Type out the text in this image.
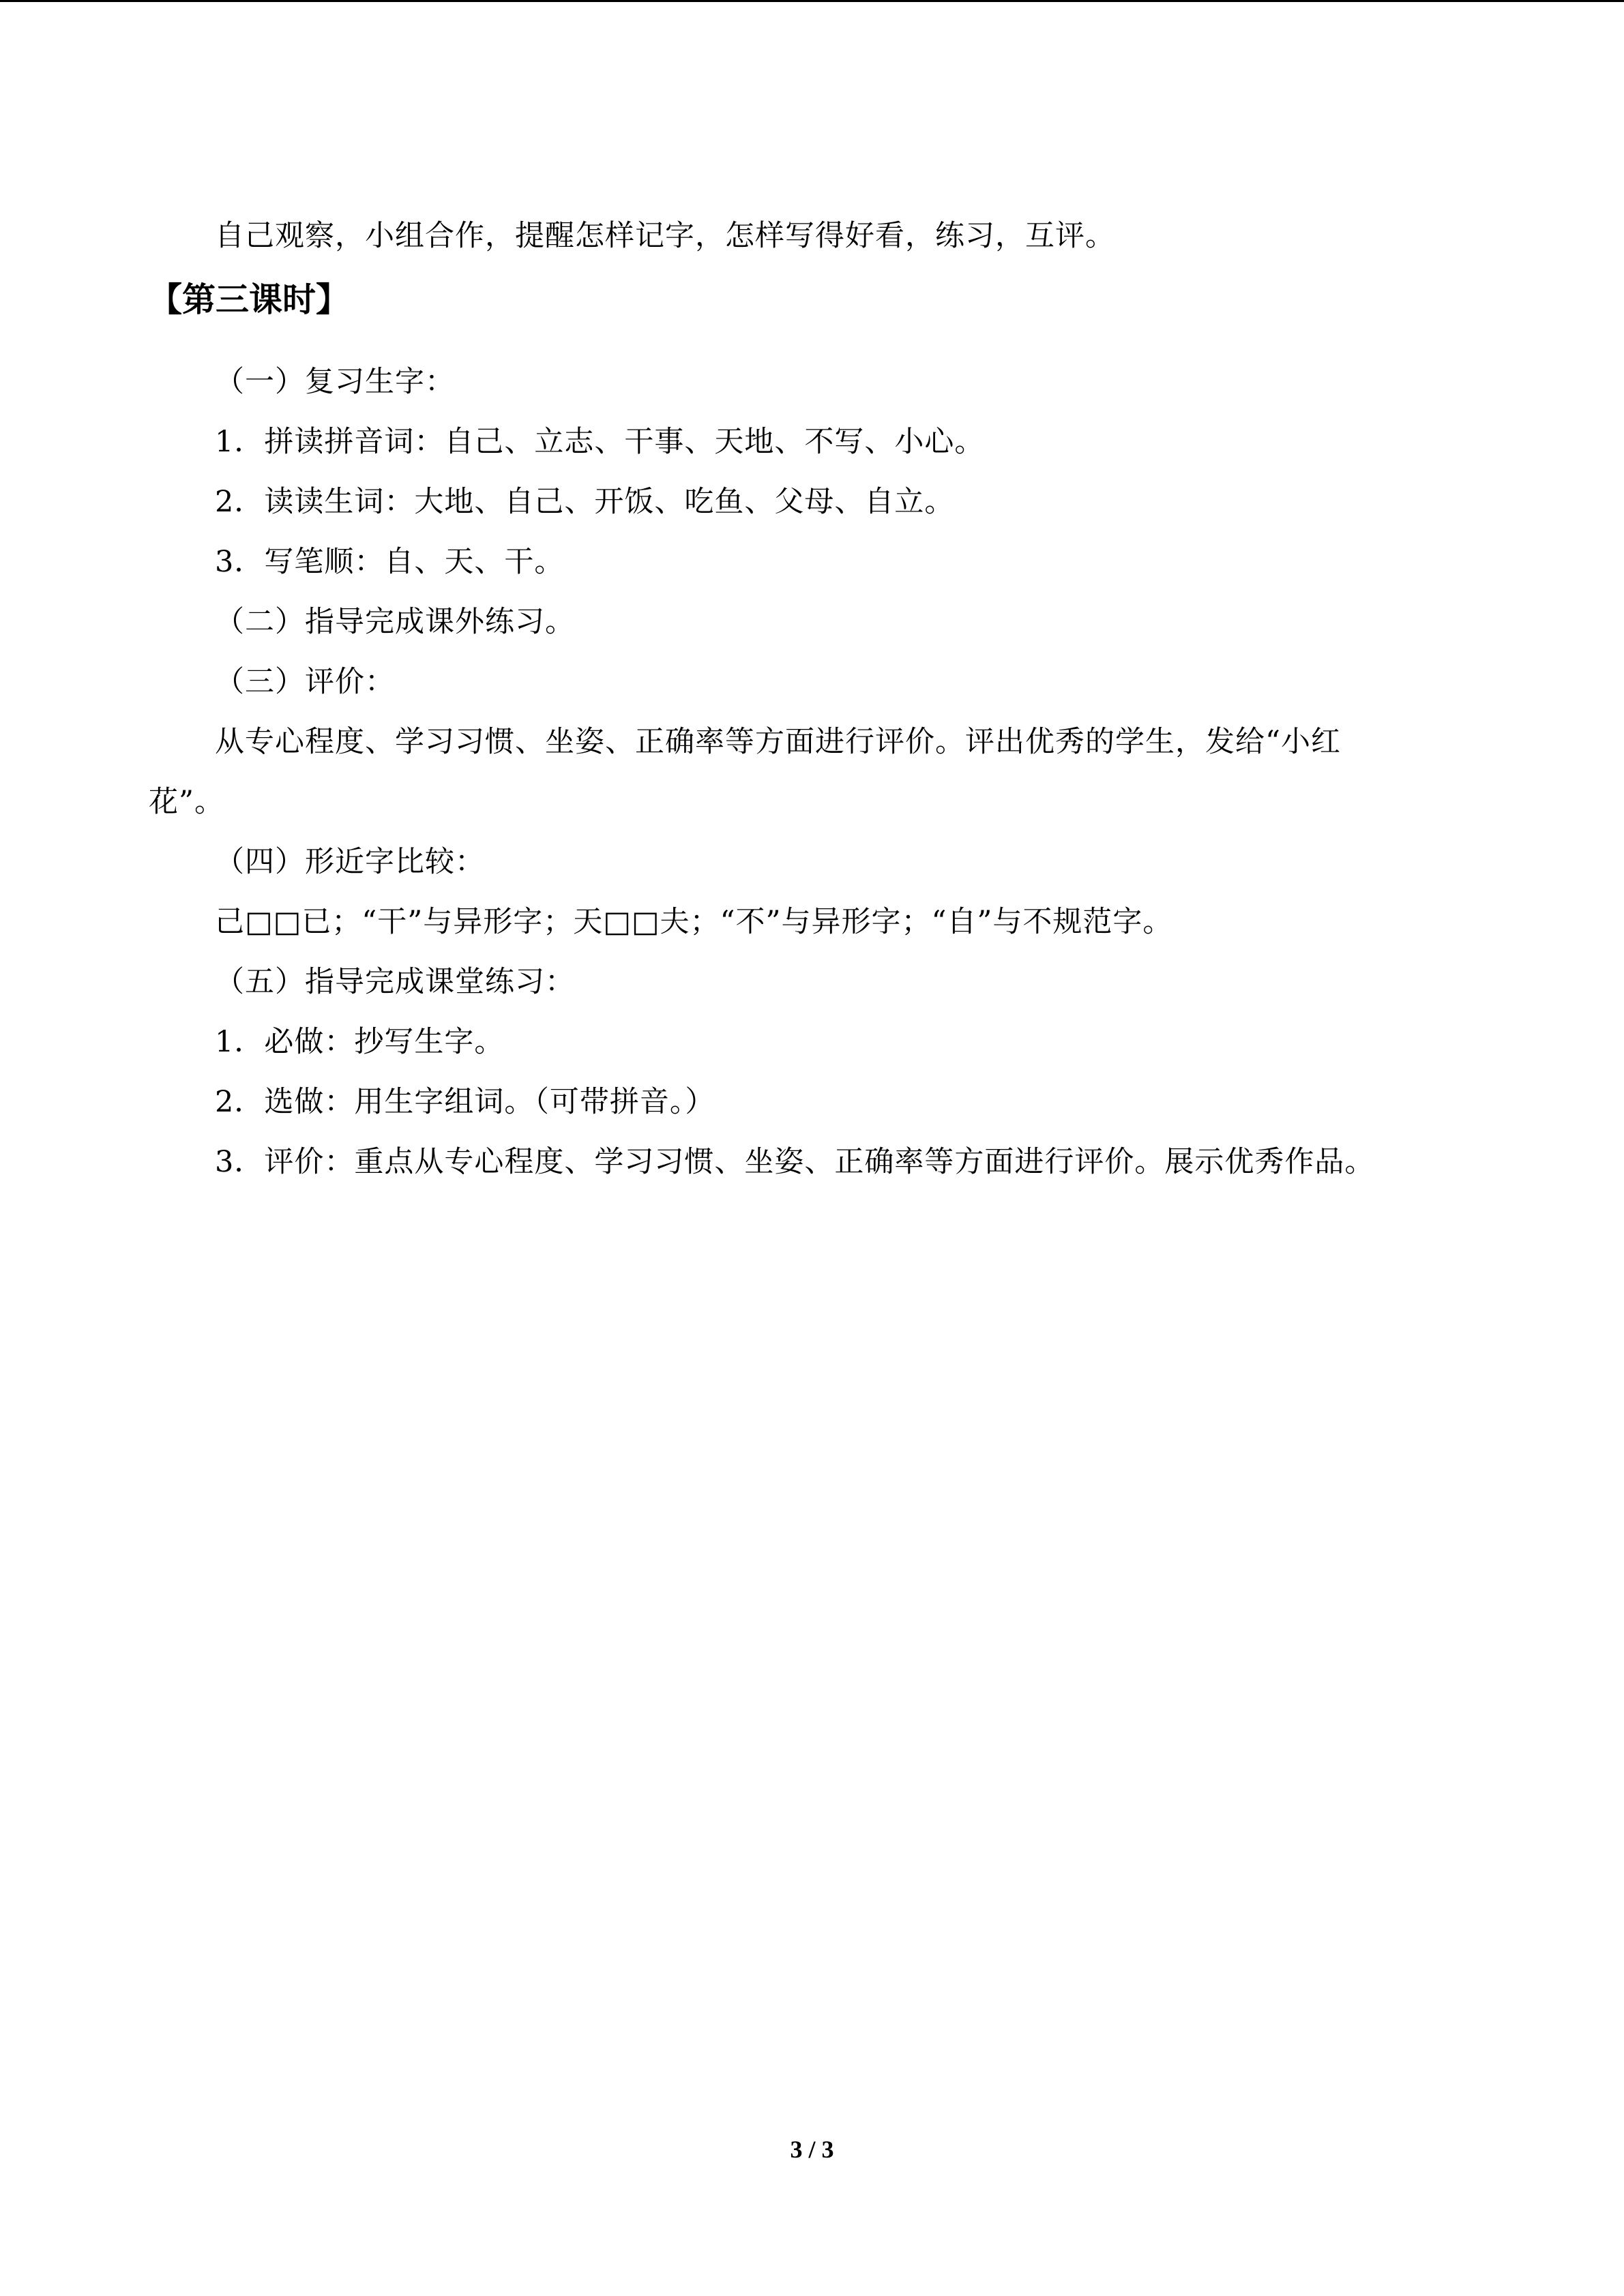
自己观察，小组合作，提醒怎样记字，怎样写得好看，练习，互评。
【第三课时】
（一）复习生字：
1．拼读拼音词：自己、立志、干事、天地、不写、小心。
2．读读生词：大地、自己、开饭、吃鱼、父母、自立。
3．写笔顺：自、天、干。
（二）指导完成课外练习。
（三）评价：
从专心程度、学习习惯、坐姿、正确率等方面进行评价。评出优秀的学生，发给“小红
花”。
（四）形近字比较：
己□□已；“干”与异形字；天□□夫；“不”与异形字；“自”与不规范字。
（五）指导完成课堂练习：
1．必做：抄写生字。
2．选做：用生字组词。（可带拼音。）
3．评价：重点从专心程度、学习习惯、坐姿、正确率等方面进行评价。展示优秀作品。
3 / 3
